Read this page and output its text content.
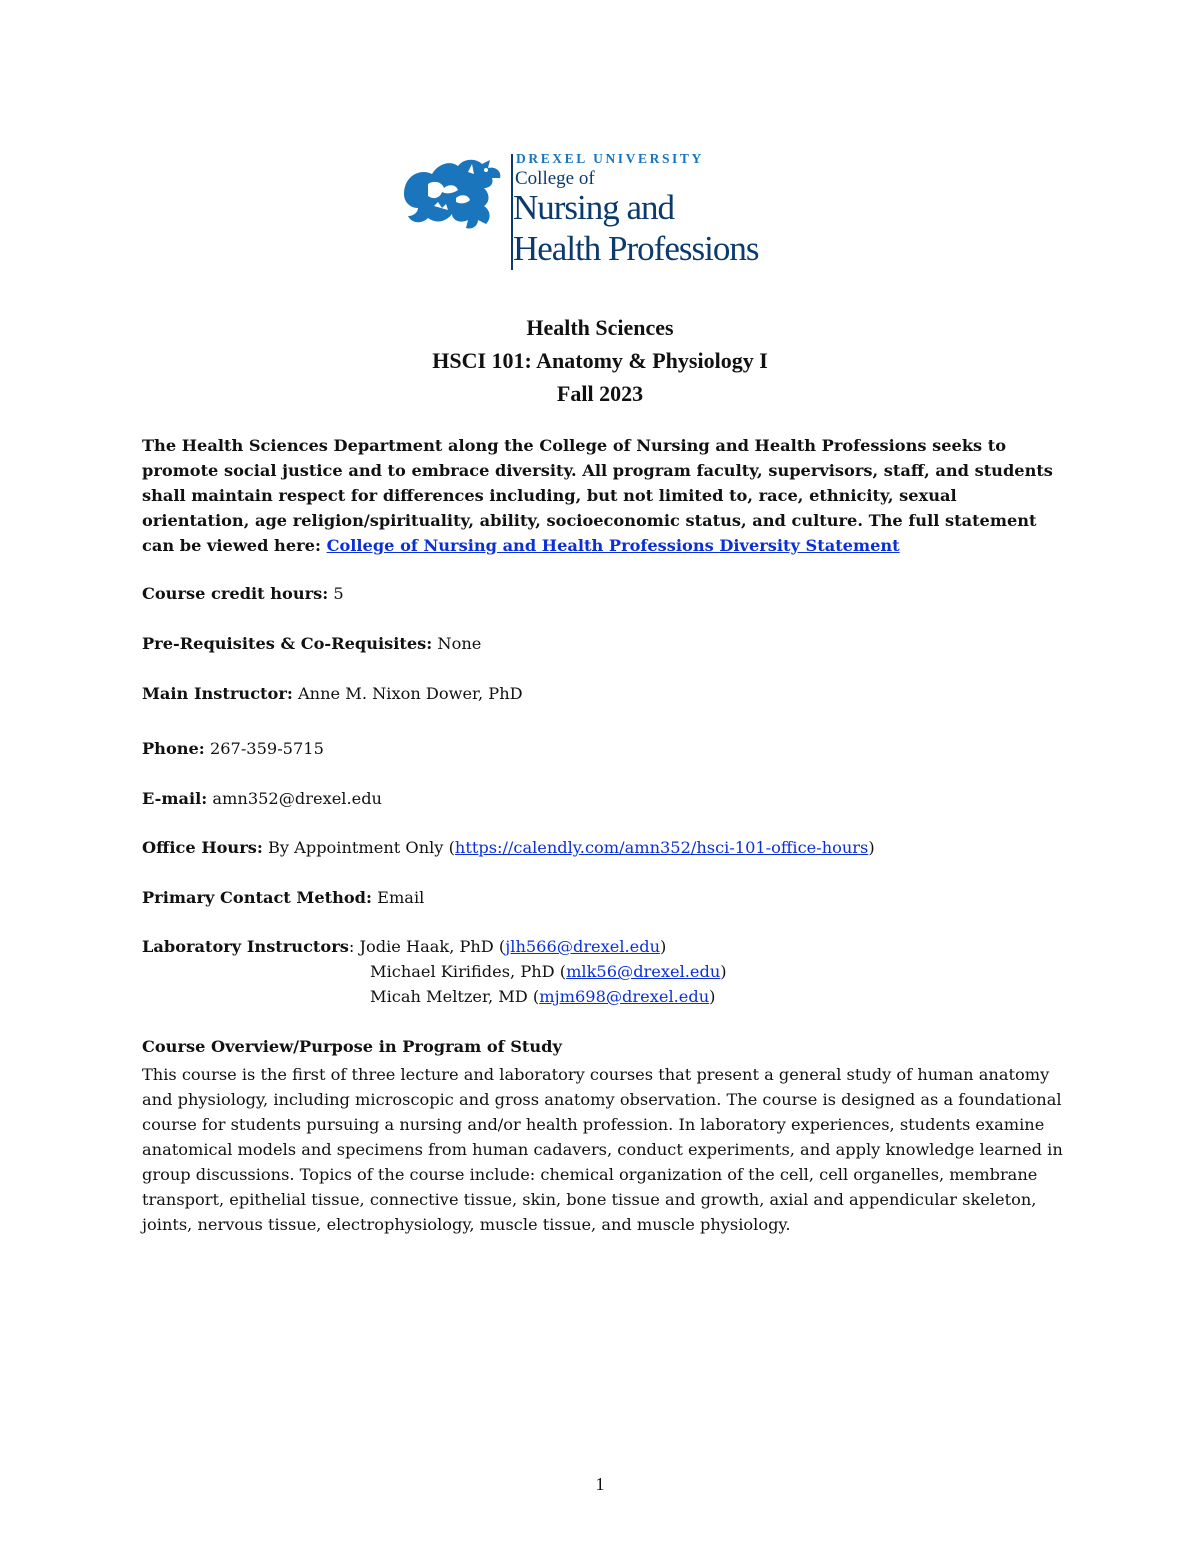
DREXEL UNIVERSITY
College of
Nursing and
Health Professions
Health Sciences
HSCI 101: Anatomy & Physiology I
Fall 2023
The Health Sciences Department along the College of Nursing and Health Professions seeks to promote social justice and to embrace diversity. All program faculty, supervisors, staff, and students shall maintain respect for differences including, but not limited to, race, ethnicity, sexual orientation, age religion/spirituality, ability, socioeconomic status, and culture. The full statement can be viewed here: College of Nursing and Health Professions Diversity Statement
Course credit hours: 5
Pre-Requisites & Co-Requisites: None
Main Instructor: Anne M. Nixon Dower, PhD
Phone: 267-359-5715
E-mail: amn352@drexel.edu
Office Hours: By Appointment Only (https://calendly.com/amn352/hsci-101-office-hours)
Primary Contact Method: Email
Laboratory Instructors: Jodie Haak, PhD (jlh566@drexel.edu)
Michael Kirifides, PhD (mlk56@drexel.edu)
Micah Meltzer, MD (mjm698@drexel.edu)
Course Overview/Purpose in Program of Study
This course is the first of three lecture and laboratory courses that present a general study of human anatomy and physiology, including microscopic and gross anatomy observation. The course is designed as a foundational course for students pursuing a nursing and/or health profession. In laboratory experiences, students examine anatomical models and specimens from human cadavers, conduct experiments, and apply knowledge learned in group discussions. Topics of the course include: chemical organization of the cell, cell organelles, membrane transport, epithelial tissue, connective tissue, skin, bone tissue and growth, axial and appendicular skeleton, joints, nervous tissue, electrophysiology, muscle tissue, and muscle physiology.
1
